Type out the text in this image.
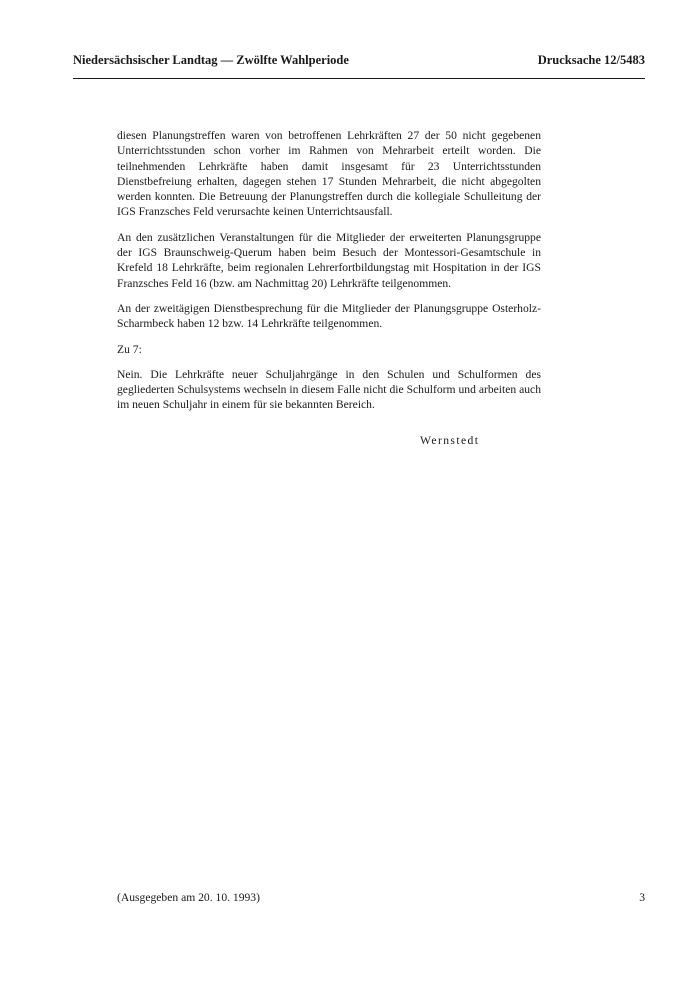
Niedersächsischer Landtag — Zwölfte Wahlperiode	Drucksache 12/5483

diesen Planungstreffen waren von betroffenen Lehrkräften 27 der 50 nicht gegebenen Unterrichtsstunden schon vorher im Rahmen von Mehrarbeit erteilt worden. Die teilnehmenden Lehrkräfte haben damit insgesamt für 23 Unterrichtsstunden Dienstbefreiung erhalten, dagegen stehen 17 Stunden Mehrarbeit, die nicht abgegolten werden konnten. Die Betreuung der Planungstreffen durch die kollegiale Schulleitung der IGS Franzsches Feld verursachte keinen Unterrichtsausfall.

An den zusätzlichen Veranstaltungen für die Mitglieder der erweiterten Planungsgruppe der IGS Braunschweig-Querum haben beim Besuch der Montessori-Gesamtschule in Krefeld 18 Lehrkräfte, beim regionalen Lehrerfortbildungstag mit Hospitation in der IGS Franzsches Feld 16 (bzw. am Nachmittag 20) Lehrkräfte teilgenommen.

An der zweitägigen Dienstbesprechung für die Mitglieder der Planungsgruppe Osterholz-Scharmbeck haben 12 bzw. 14 Lehrkräfte teilgenommen.

Zu 7:

Nein. Die Lehrkräfte neuer Schuljahrgänge in den Schulen und Schulformen des gegliederten Schulsystems wechseln in diesem Falle nicht die Schulform und arbeiten auch im neuen Schuljahr in einem für sie bekannten Bereich.

Wernstedt
(Ausgegeben am 20. 10. 1993)	3
